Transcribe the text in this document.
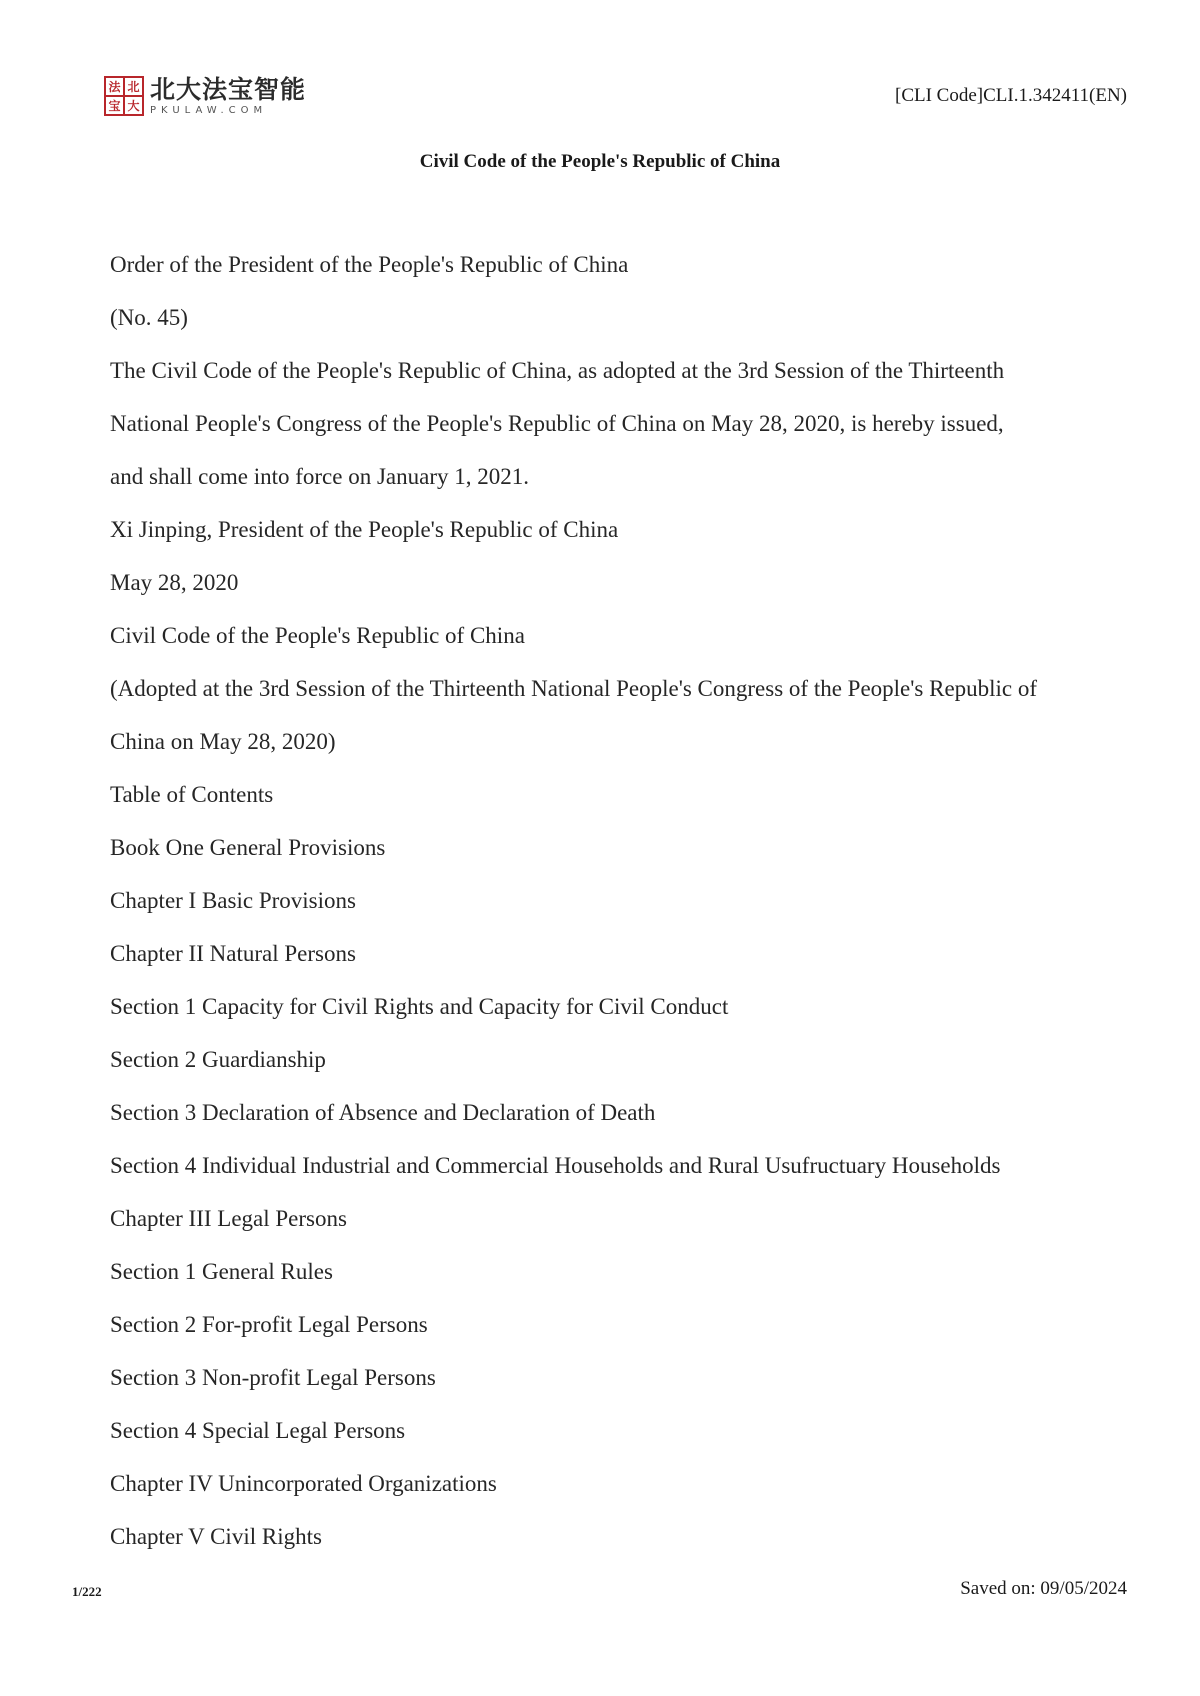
法 北
宝 大
北大法宝智能
PKULAW.COM
[CLI Code]CLI.1.342411(EN)
Civil Code of the People's Republic of China
Order of the President of the People's Republic of China
(No. 45)
The Civil Code of the People's Republic of China, as adopted at the 3rd Session of the Thirteenth
National People's Congress of the People's Republic of China on May 28, 2020, is hereby issued,
and shall come into force on January 1, 2021.
Xi Jinping, President of the People's Republic of China
May 28, 2020
Civil Code of the People's Republic of China
(Adopted at the 3rd Session of the Thirteenth National People's Congress of the People's Republic of
China on May 28, 2020)
Table of Contents
Book One General Provisions
Chapter I Basic Provisions
Chapter II Natural Persons
Section 1 Capacity for Civil Rights and Capacity for Civil Conduct
Section 2 Guardianship
Section 3 Declaration of Absence and Declaration of Death
Section 4 Individual Industrial and Commercial Households and Rural Usufructuary Households
Chapter III Legal Persons
Section 1 General Rules
Section 2 For-profit Legal Persons
Section 3 Non-profit Legal Persons
Section 4 Special Legal Persons
Chapter IV Unincorporated Organizations
Chapter V Civil Rights
1/222	Saved on: 09/05/2024
